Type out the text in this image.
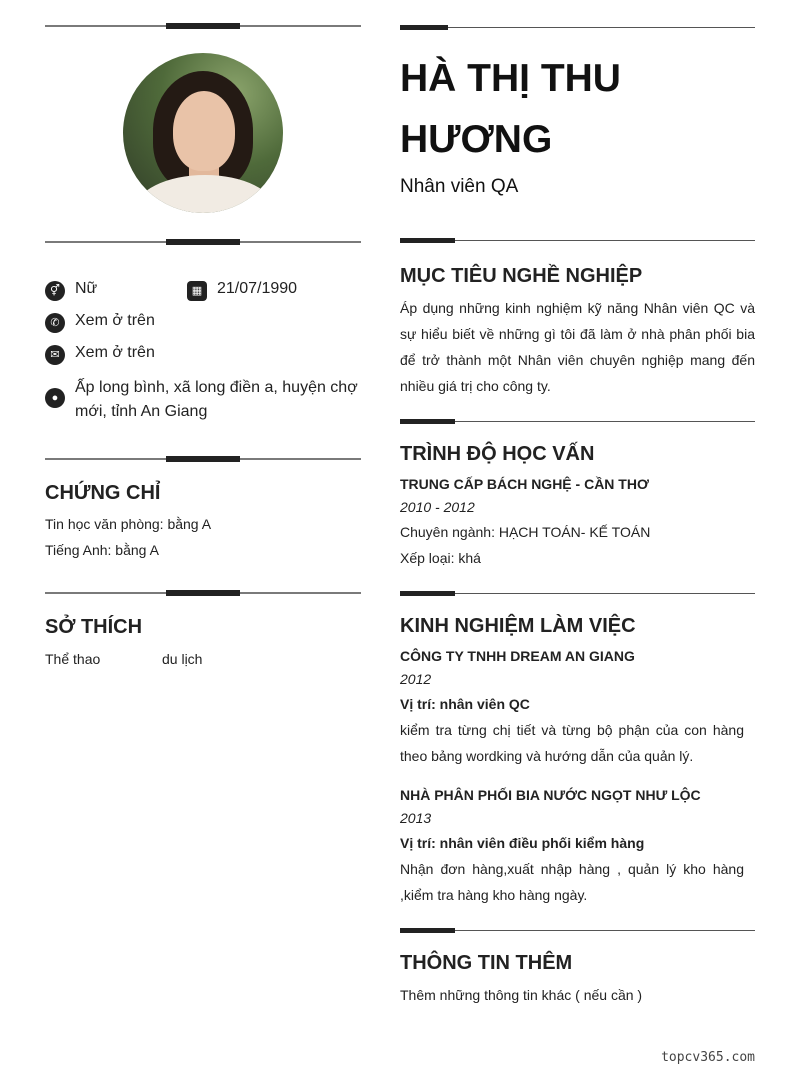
⚥ Nữ	▦ 21/07/1990
✆ Xem ở trên
✉ Xem ở trên
●
Ấp long bình, xã long điền a, huyện chợ mới, tỉnh An Giang
CHỨNG CHỈ
Tin học văn phòng: bằng A
Tiếng Anh: bằng A
SỞ THÍCH
Thể thao	du lịch
HÀ THỊ THU HƯƠNG
Nhân viên QA
MỤC TIÊU NGHỀ NGHIỆP
Áp dụng những kinh nghiệm kỹ năng Nhân viên QC và sự hiểu biết về những gì tôi đã làm ở nhà phân phối bia để trở thành một Nhân viên chuyên nghiệp mang đến nhiều giá trị cho công ty.
TRÌNH ĐỘ HỌC VẤN
TRUNG CẤP BÁCH NGHỆ - CẦN THƠ
2010 - 2012
Chuyên ngành: HẠCH TOÁN- KẾ TOÁN
Xếp loại: khá
KINH NGHIỆM LÀM VIỆC
CÔNG TY TNHH DREAM AN GIANG
2012
Vị trí: nhân viên QC
kiểm tra từng chị tiết và từng bộ phận của con hàng theo bảng wordking và hướng dẫn của quản lý.
NHÀ PHÂN PHỐI BIA NƯỚC NGỌT NHƯ LỘC
2013
Vị trí: nhân viên điều phối kiểm hàng
Nhận đơn hàng,xuất nhập hàng , quản lý kho hàng ,kiểm tra hàng kho hàng ngày.
THÔNG TIN THÊM
Thêm những thông tin khác ( nếu cần )
topcv365.com
